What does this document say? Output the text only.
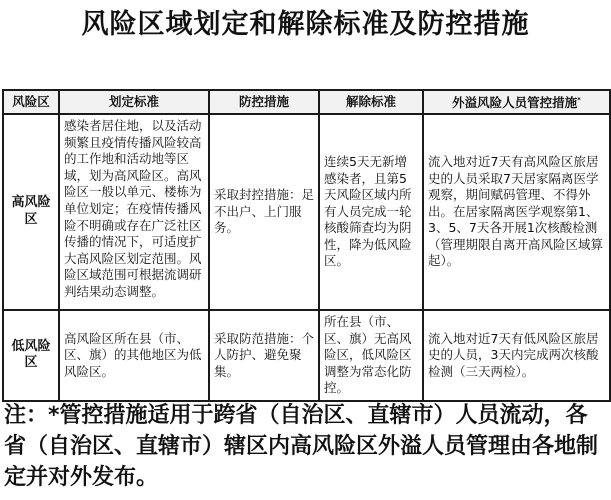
风险区域划定和解除标准及防控措施
风险区	划定标准	防控措施	解除标准	外溢风险人员管控措施*
高风险区	感染者居住地，以及活动频繁且疫情传播风险较高的工作地和活动地等区域，划为高风险区。高风险区一般以单元、楼栋为单位划定；在疫情传播风险不明确或存在广泛社区传播的情况下，可适度扩大高风险区划定范围。风险区域范围可根据流调研判结果动态调整。	采取封控措施：足不出户、上门服务。	连续5天无新增感染者，且第5天风险区域内所有人员完成一轮核酸筛查均为阴性，降为低风险区。	流入地对近7天有高风险区旅居史的人员采取7天居家隔离医学观察，期间赋码管理、不得外出。在居家隔离医学观察第1、3、5、7天各开展1次核酸检测（管理期限自离开高风险区域算起）。
低风险区	高风险区所在县（市、区、旗）的其他地区为低风险区。	采取防范措施：个人防护、避免聚集。	所在县（市、区、旗）无高风险区，低风险区调整为常态化防控。	流入地对近7天有低风险区旅居史的人员，3天内完成两次核酸检测（三天两检）。
注：*管控措施适用于跨省（自治区、直辖市）人员流动，各省（自治区、直辖市）辖区内高风险区外溢人员管理由各地制定并对外发布。
